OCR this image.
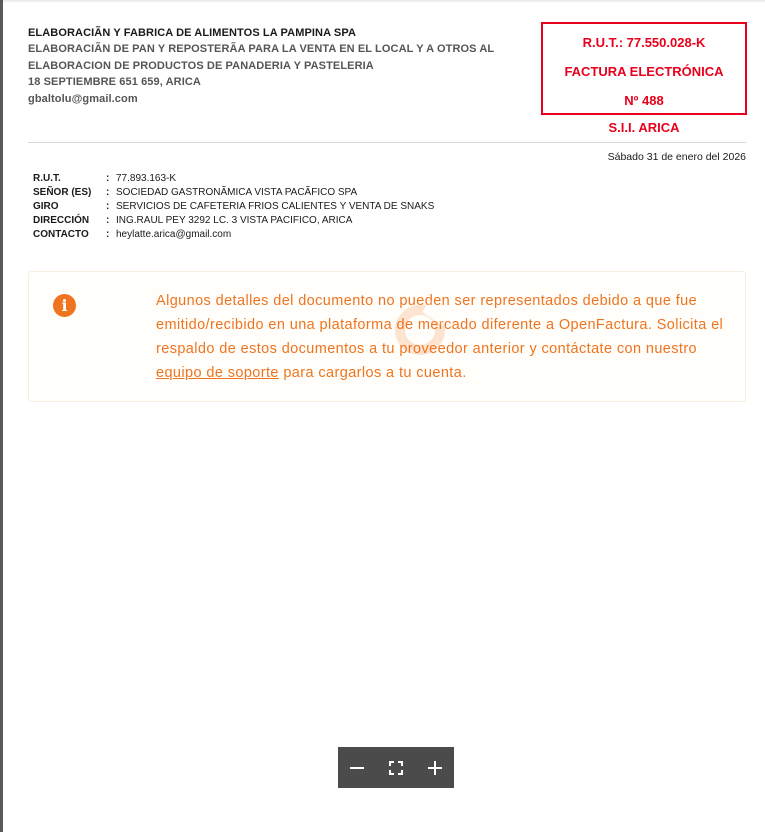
ELABORACIÃN Y FABRICA DE ALIMENTOS LA PAMPINA SPA
ELABORACIÃN DE PAN Y REPOSTERÃA PARA LA VENTA EN EL LOCAL Y A OTROS AL
ELABORACION DE PRODUCTOS DE PANADERIA Y PASTELERIA
18 SEPTIEMBRE 651 659, ARICA
gbaltolu@gmail.com
R.U.T.: 77.550.028-K
FACTURA ELECTRÓNICA
Nº 488
S.I.I. ARICA
Sábado 31 de enero del 2026
R.U.T.	: 77.893.163-K
SEÑOR (ES)	: SOCIEDAD GASTRONÃMICA VISTA PACÃFICO SPA
GIRO	: SERVICIOS DE CAFETERIA FRIOS CALIENTES Y VENTA DE SNAKS
DIRECCIÓN	: ING.RAUL PEY 3292 LC. 3 VISTA PACIFICO, ARICA
CONTACTO	: heylatte.arica@gmail.com
i	Algunos detalles del documento no pueden ser representados debido a que fue emitido/recibido en una plataforma de mercado diferente a OpenFactura. Solicita el respaldo de estos documentos a tu proveedor anterior y contáctate con nuestro equipo de soporte para cargarlos a tu cuenta.
